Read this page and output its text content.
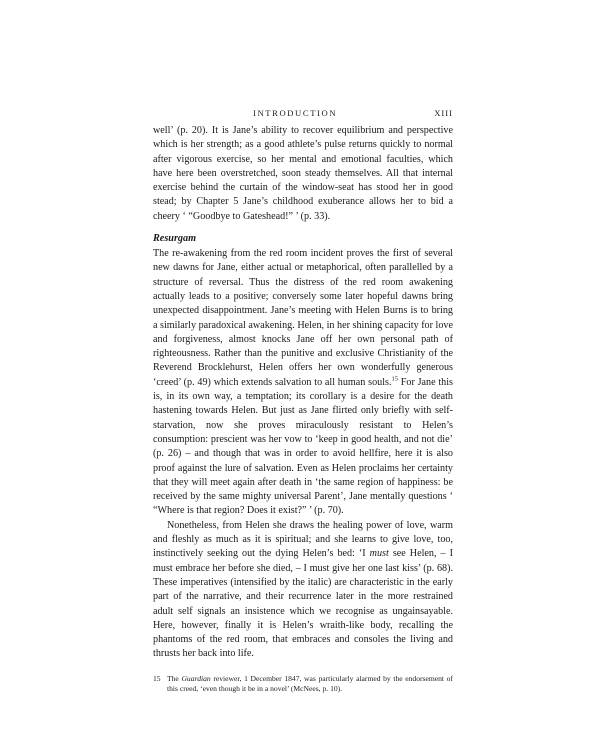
INTRODUCTION	XIII

well’ (p. 20). It is Jane’s ability to recover equilibrium and perspective which is her strength; as a good athlete’s pulse returns quickly to normal after vigorous exercise, so her mental and emotional faculties, which have here been overstretched, soon steady themselves. All that internal exercise behind the curtain of the window-seat has stood her in good stead; by Chapter 5 Jane’s childhood exuberance allows her to bid a cheery ‘ “Goodbye to Gateshead!” ’ (p. 33).

Resurgam

The re-awakening from the red room incident proves the first of several new dawns for Jane, either actual or metaphorical, often parallelled by a structure of reversal. Thus the distress of the red room awakening actually leads to a positive; conversely some later hopeful dawns bring unexpected disappointment. Jane’s meeting with Helen Burns is to bring a similarly paradoxical awakening. Helen, in her shining capacity for love and forgiveness, almost knocks Jane off her own personal path of righteousness. Rather than the punitive and exclusive Christianity of the Reverend Brocklehurst, Helen offers her own wonderfully generous ‘creed’ (p. 49) which extends salvation to all human souls.$^{15}$ For Jane this is, in its own way, a temptation; its corollary is a desire for the death hastening towards Helen. But just as Jane flirted only briefly with self-starvation, now she proves miraculously resistant to Helen’s consumption: prescient was her vow to ‘keep in good health, and not die’ (p. 26) – and though that was in order to avoid hellfire, here it is also proof against the lure of salvation. Even as Helen proclaims her certainty that they will meet again after death in ‘the same region of happiness: be received by the same mighty universal Parent’, Jane mentally questions ‘ “Where is that region? Does it exist?” ’ (p. 70).

Nonetheless, from Helen she draws the healing power of love, warm and fleshly as much as it is spiritual; and she learns to give love, too, instinctively seeking out the dying Helen’s bed: ‘I must see Helen, – I must embrace her before she died, – I must give her one last kiss’ (p. 68). These imperatives (intensified by the italic) are characteristic in the early part of the narrative, and their recurrence later in the more restrained adult self signals an insistence which we recognise as ungainsayable. Here, however, finally it is Helen’s wraith-like body, recalling the phantoms of the red room, that embraces and consoles the living and thrusts her back into life.

15 The Guardian reviewer, 1 December 1847, was particularly alarmed by the endorsement of this creed, ‘even though it be in a novel’ (McNees, p. 10).
